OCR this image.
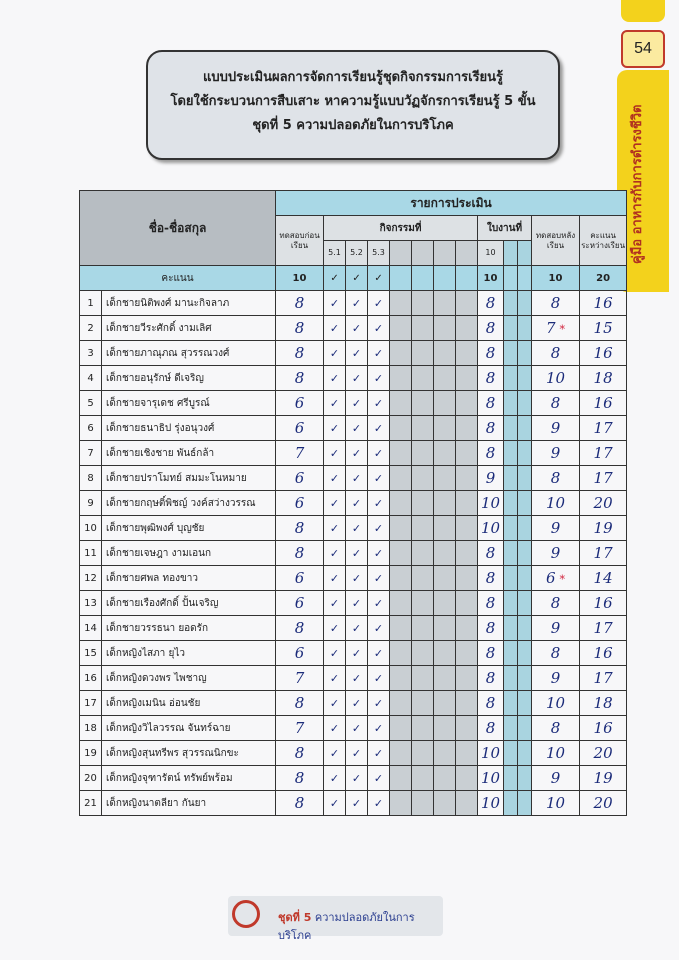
54
คู่มือ อาหารกับการดำรงชีวิต
แบบประเมินผลการจัดการเรียนรู้ชุดกิจกรรมการเรียนรู้
โดยใช้กระบวนการสืบเสาะ หาความรู้แบบวัฏจักรการเรียนรู้ 5 ขั้น
ชุดที่ 5 ความปลอดภัยในการบริโภค
ชื่อ-ชื่อสกุล		รายการประเมิน												
		ทดสอบก่อนเรียน	กิจกรรมที่							ใบงานที่			ทดสอบหลังเรียน	คะแนนระหว่างเรียน
			5.1	5.2	5.3					10				
คะแนน		10	✓	✓	✓					10			10	20
1	เด็กชายนิติพงศ์ มานะกิจลาภ	8	✓	✓	✓					8			8	16
2	เด็กชายวีระศักดิ์ งามเลิศ	8	✓	✓	✓					8			7 *	15
3	เด็กชายภาณุภณ สุวรรณวงศ์	8	✓	✓	✓					8			8	16
4	เด็กชายอนุรักษ์ ดีเจริญ	8	✓	✓	✓					8			10	18
5	เด็กชายจารุเดช ศรีบูรณ์	6	✓	✓	✓					8			8	16
6	เด็กชายธนาธิป รุ่งอนุวงศ์	6	✓	✓	✓					8			9	17
7	เด็กชายเชิงชาย พันธ์กล้า	7	✓	✓	✓					8			9	17
8	เด็กชายปราโมทย์ สมมะโนหมาย	6	✓	✓	✓					9			8	17
9	เด็กชายกฤษติ์พิชญ์ วงค์สว่างวรรณ	6	✓	✓	✓					10			10	20
10	เด็กชายพุฒิพงศ์ บุญชัย	8	✓	✓	✓					10			9	19
11	เด็กชายเจษฎา งามเอนก	8	✓	✓	✓					8			9	17
12	เด็กชายศพล ทองขาว	6	✓	✓	✓					8			6 *	14
13	เด็กชายเรืองศักดิ์ ปั้นเจริญ	6	✓	✓	✓					8			8	16
14	เด็กชายวรรธนา ยอดรัก	8	✓	✓	✓					8			9	17
15	เด็กหญิงไสภา ยุไว	6	✓	✓	✓					8			8	16
16	เด็กหญิงดวงพร ไพชาญ	7	✓	✓	✓					8			9	17
17	เด็กหญิงเมนิน อ่อนชัย	8	✓	✓	✓					8			10	18
18	เด็กหญิงวิไลวรรณ จันทร์ฉาย	7	✓	✓	✓					8			8	16
19	เด็กหญิงสุนทรีพร สุวรรณนิกขะ	8	✓	✓	✓					10			10	20
20	เด็กหญิงจุฑารัตน์ ทรัพย์พร้อม	8	✓	✓	✓					10			9	19
21	เด็กหญิงนาตลียา กันยา	8	✓	✓	✓					10			10	20
ชุดที่ 5 ความปลอดภัยในการบริโภค
